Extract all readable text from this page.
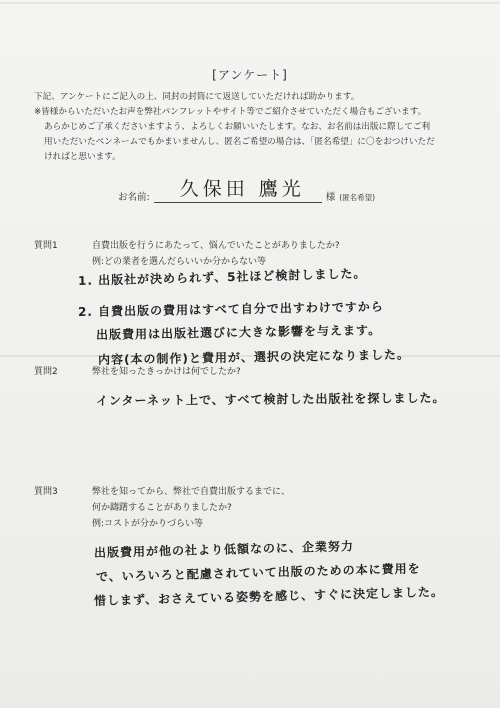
[アンケート]

下記、アンケートにご記入の上、同封の封筒にて返送していただければ助かります。

※皆様からいただいたお声を弊社パンフレットやサイト等でご紹介させていただく場合もございます。

あらかじめご了承くださいますよう、よろしくお願いいたします。なお、お名前は出版に際してご利

用いただいたペンネームでもかまいませんし、匿名ご希望の場合は、「匿名希望」に〇をおつけいただ

ければと思います。

お名前: 久保田 鷹光 様 (匿名希望)
質問1	自費出版を行うにあたって、悩んでいたことがありましたか?
例:どの業者を選んだらいいか分からない等
1. 出版社が決められず、5社ほど検討しました。
2. 自費出版の費用はすべて自分で出すわけですから
出版費用は出版社選びに大きな影響を与えます。
内容(本の制作)と費用が、選択の決定になりました。
質問2	弊社を知ったきっかけは何でしたか?
インターネット上で、すべて検討した出版社を探しました。
質問3	弊社を知ってから、弊社で自費出版するまでに、
何か躊躇することがありましたか?
例:コストが分かりづらい等
出版費用が他の社より低額なのに、企業努力
で、いろいろと配慮されていて出版のための本に費用を
惜しまず、おさえている姿勢を感じ、すぐに決定しました。
